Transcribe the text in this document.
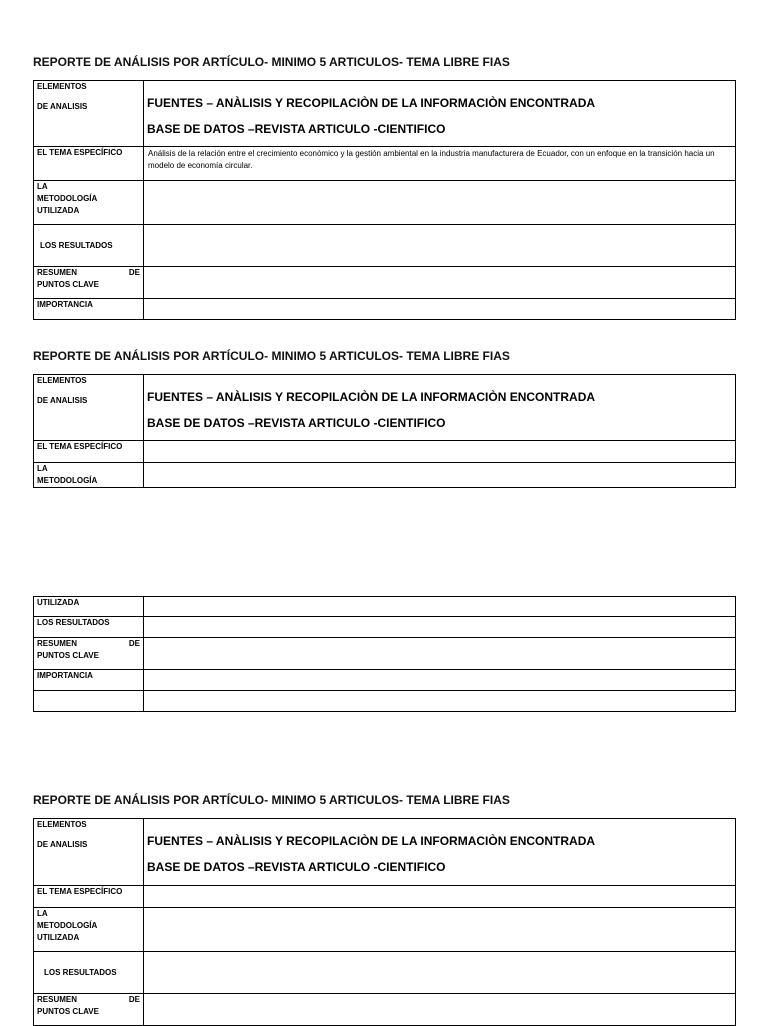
REPORTE DE ANÁLISIS POR ARTÍCULO- MINIMO 5 ARTICULOS- TEMA LIBRE FIAS
ELEMENTOS
DE ANALISIS	FUENTES – ANÀLISIS Y RECOPILACIÒN DE LA INFORMACIÒN ENCONTRADA
BASE DE DATOS –REVISTA ARTICULO -CIENTIFICO

EL TEMA ESPECÍFICO	Análisis de la relación entre el crecimiento económico y la gestión ambiental en la industria manufacturera de Ecuador, con un enfoque en la transición hacia un modelo de economía circular.

LA
METODOLOGÍA
UTILIZADA	

LOS RESULTADOS	

RESUMEN DE
PUNTOS CLAVE	

IMPORTANCIA	
REPORTE DE ANÁLISIS POR ARTÍCULO- MINIMO 5 ARTICULOS- TEMA LIBRE FIAS
ELEMENTOS
DE ANALISIS	FUENTES – ANÀLISIS Y RECOPILACIÒN DE LA INFORMACIÒN ENCONTRADA
BASE DE DATOS –REVISTA ARTICULO -CIENTIFICO

EL TEMA ESPECÍFICO	

LA
METODOLOGÍA	

UTILIZADA	
LOS RESULTADOS	

RESUMEN DE
PUNTOS CLAVE	

IMPORTANCIA	

REPORTE DE ANÁLISIS POR ARTÍCULO- MINIMO 5 ARTICULOS- TEMA LIBRE FIAS
ELEMENTOS
DE ANALISIS	FUENTES – ANÀLISIS Y RECOPILACIÒN DE LA INFORMACIÒN ENCONTRADA
BASE DE DATOS –REVISTA ARTICULO -CIENTIFICO

EL TEMA ESPECÍFICO	

LA
METODOLOGÍA
UTILIZADA	

LOS RESULTADOS	

RESUMEN DE
PUNTOS CLAVE	
